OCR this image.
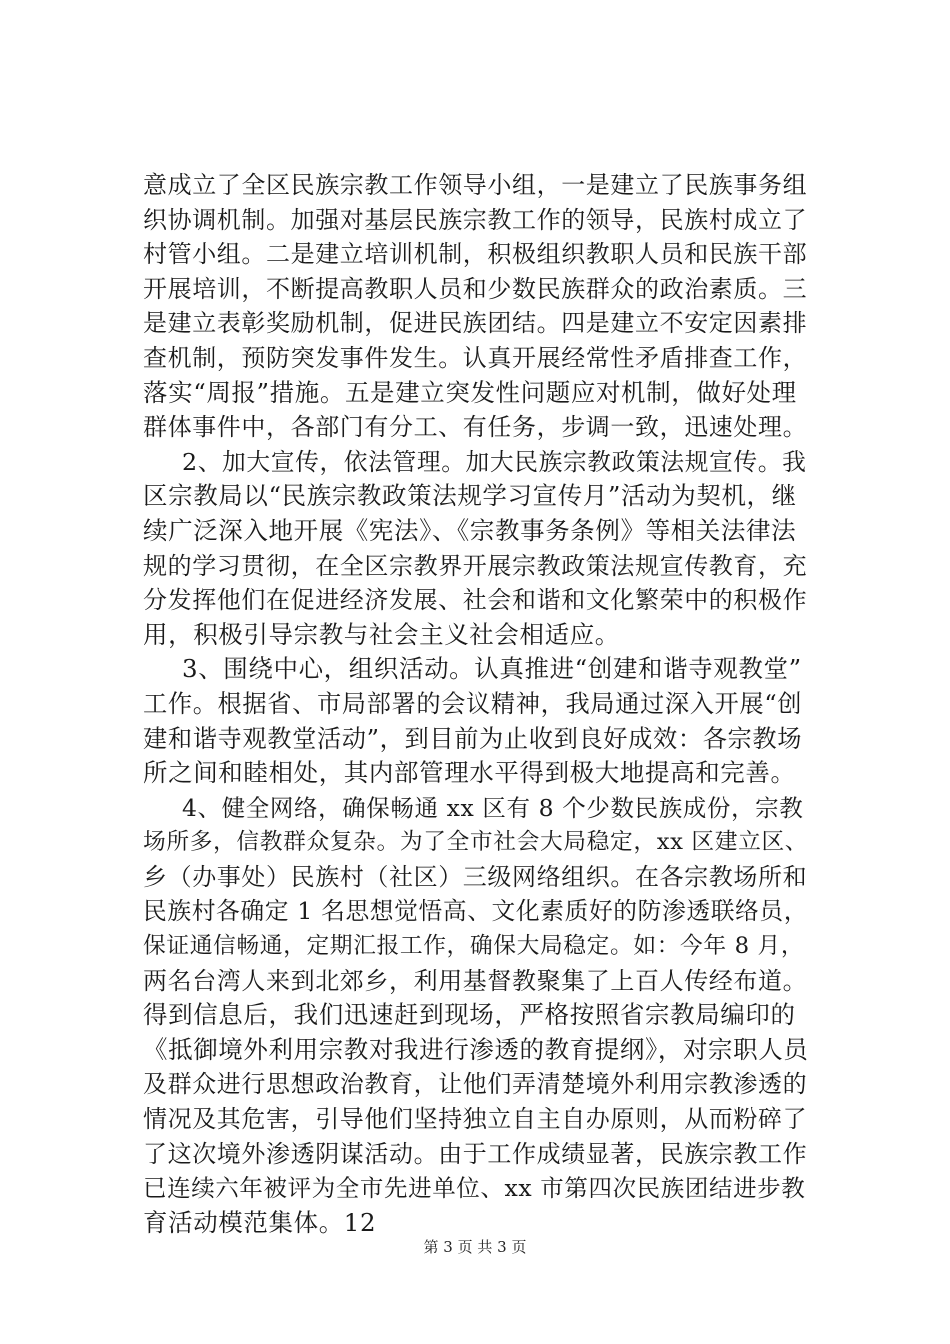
意成立了全区民族宗教工作领导小组，一是建立了民族事务组
织协调机制。加强对基层民族宗教工作的领导，民族村成立了
村管小组。二是建立培训机制，积极组织教职人员和民族干部
开展培训，不断提高教职人员和少数民族群众的政治素质。三
是建立表彰奖励机制，促进民族团结。四是建立不安定因素排
查机制，预防突发事件发生。认真开展经常性矛盾排查工作，
落实“周报”措施。五是建立突发性问题应对机制，做好处理
群体事件中，各部门有分工、有任务，步调一致，迅速处理。
2、加大宣传，依法管理。加大民族宗教政策法规宣传。我
区宗教局以“民族宗教政策法规学习宣传月”活动为契机，继
续广泛深入地开展《宪法》、《宗教事务条例》等相关法律法
规的学习贯彻，在全区宗教界开展宗教政策法规宣传教育，充
分发挥他们在促进经济发展、社会和谐和文化繁荣中的积极作
用，积极引导宗教与社会主义社会相适应。
3、围绕中心，组织活动。认真推进“创建和谐寺观教堂”
工作。根据省、市局部署的会议精神，我局通过深入开展“创
建和谐寺观教堂活动”，到目前为止收到良好成效：各宗教场
所之间和睦相处，其内部管理水平得到极大地提高和完善。
4、健全网络，确保畅通 xx 区有 8 个少数民族成份，宗教
场所多，信教群众复杂。为了全市社会大局稳定，xx 区建立区、
乡（办事处）民族村（社区）三级网络组织。在各宗教场所和
民族村各确定 1 名思想觉悟高、文化素质好的防渗透联络员，
保证通信畅通，定期汇报工作，确保大局稳定。如：今年 8 月，
两名台湾人来到北郊乡，利用基督教聚集了上百人传经布道。
得到信息后，我们迅速赶到现场，严格按照省宗教局编印的
《抵御境外利用宗教对我进行渗透的教育提纲》，对宗职人员
及群众进行思想政治教育，让他们弄清楚境外利用宗教渗透的
情况及其危害，引导他们坚持独立自主自办原则，从而粉碎了
了这次境外渗透阴谋活动。由于工作成绩显著，民族宗教工作
已连续六年被评为全市先进单位、xx 市第四次民族团结进步教
育活动模范集体。12
第 3 页 共 3 页
